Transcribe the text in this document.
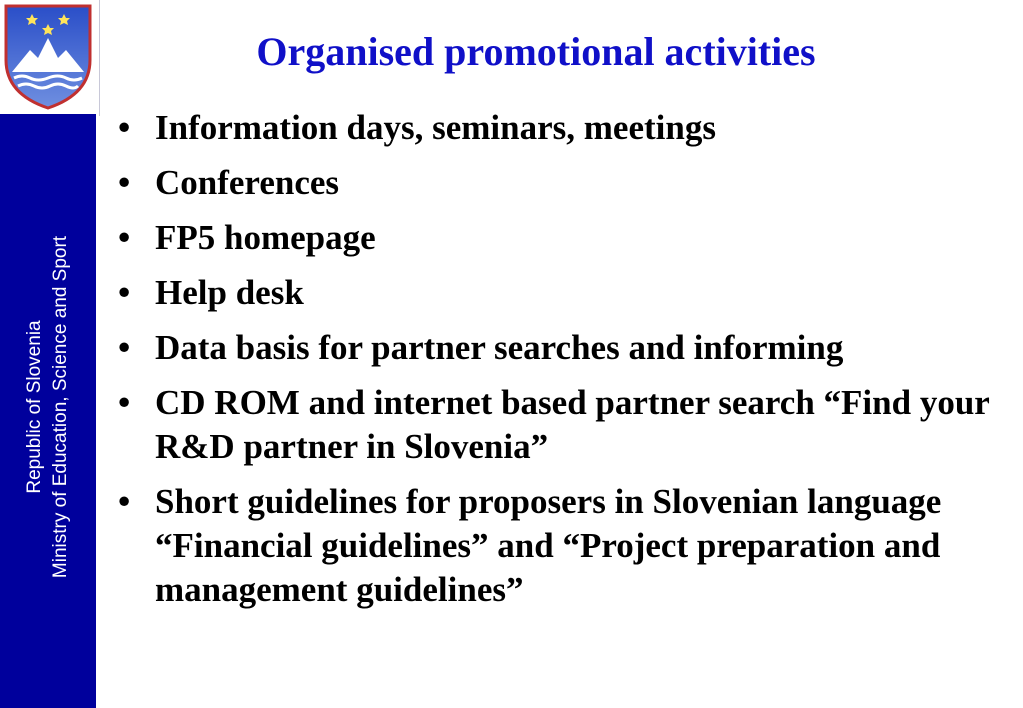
Republic of Slovenia Ministry of Education, Science and Sport
Organised promotional activities
• Information days, seminars, meetings
• Conferences
• FP5 homepage
• Help desk
• Data basis for partner searches and informing
• CD ROM and internet based partner search “Find your R&D partner in Slovenia”
• Short guidelines for proposers in Slovenian language “Financial guidelines” and “Project preparation and management guidelines”
